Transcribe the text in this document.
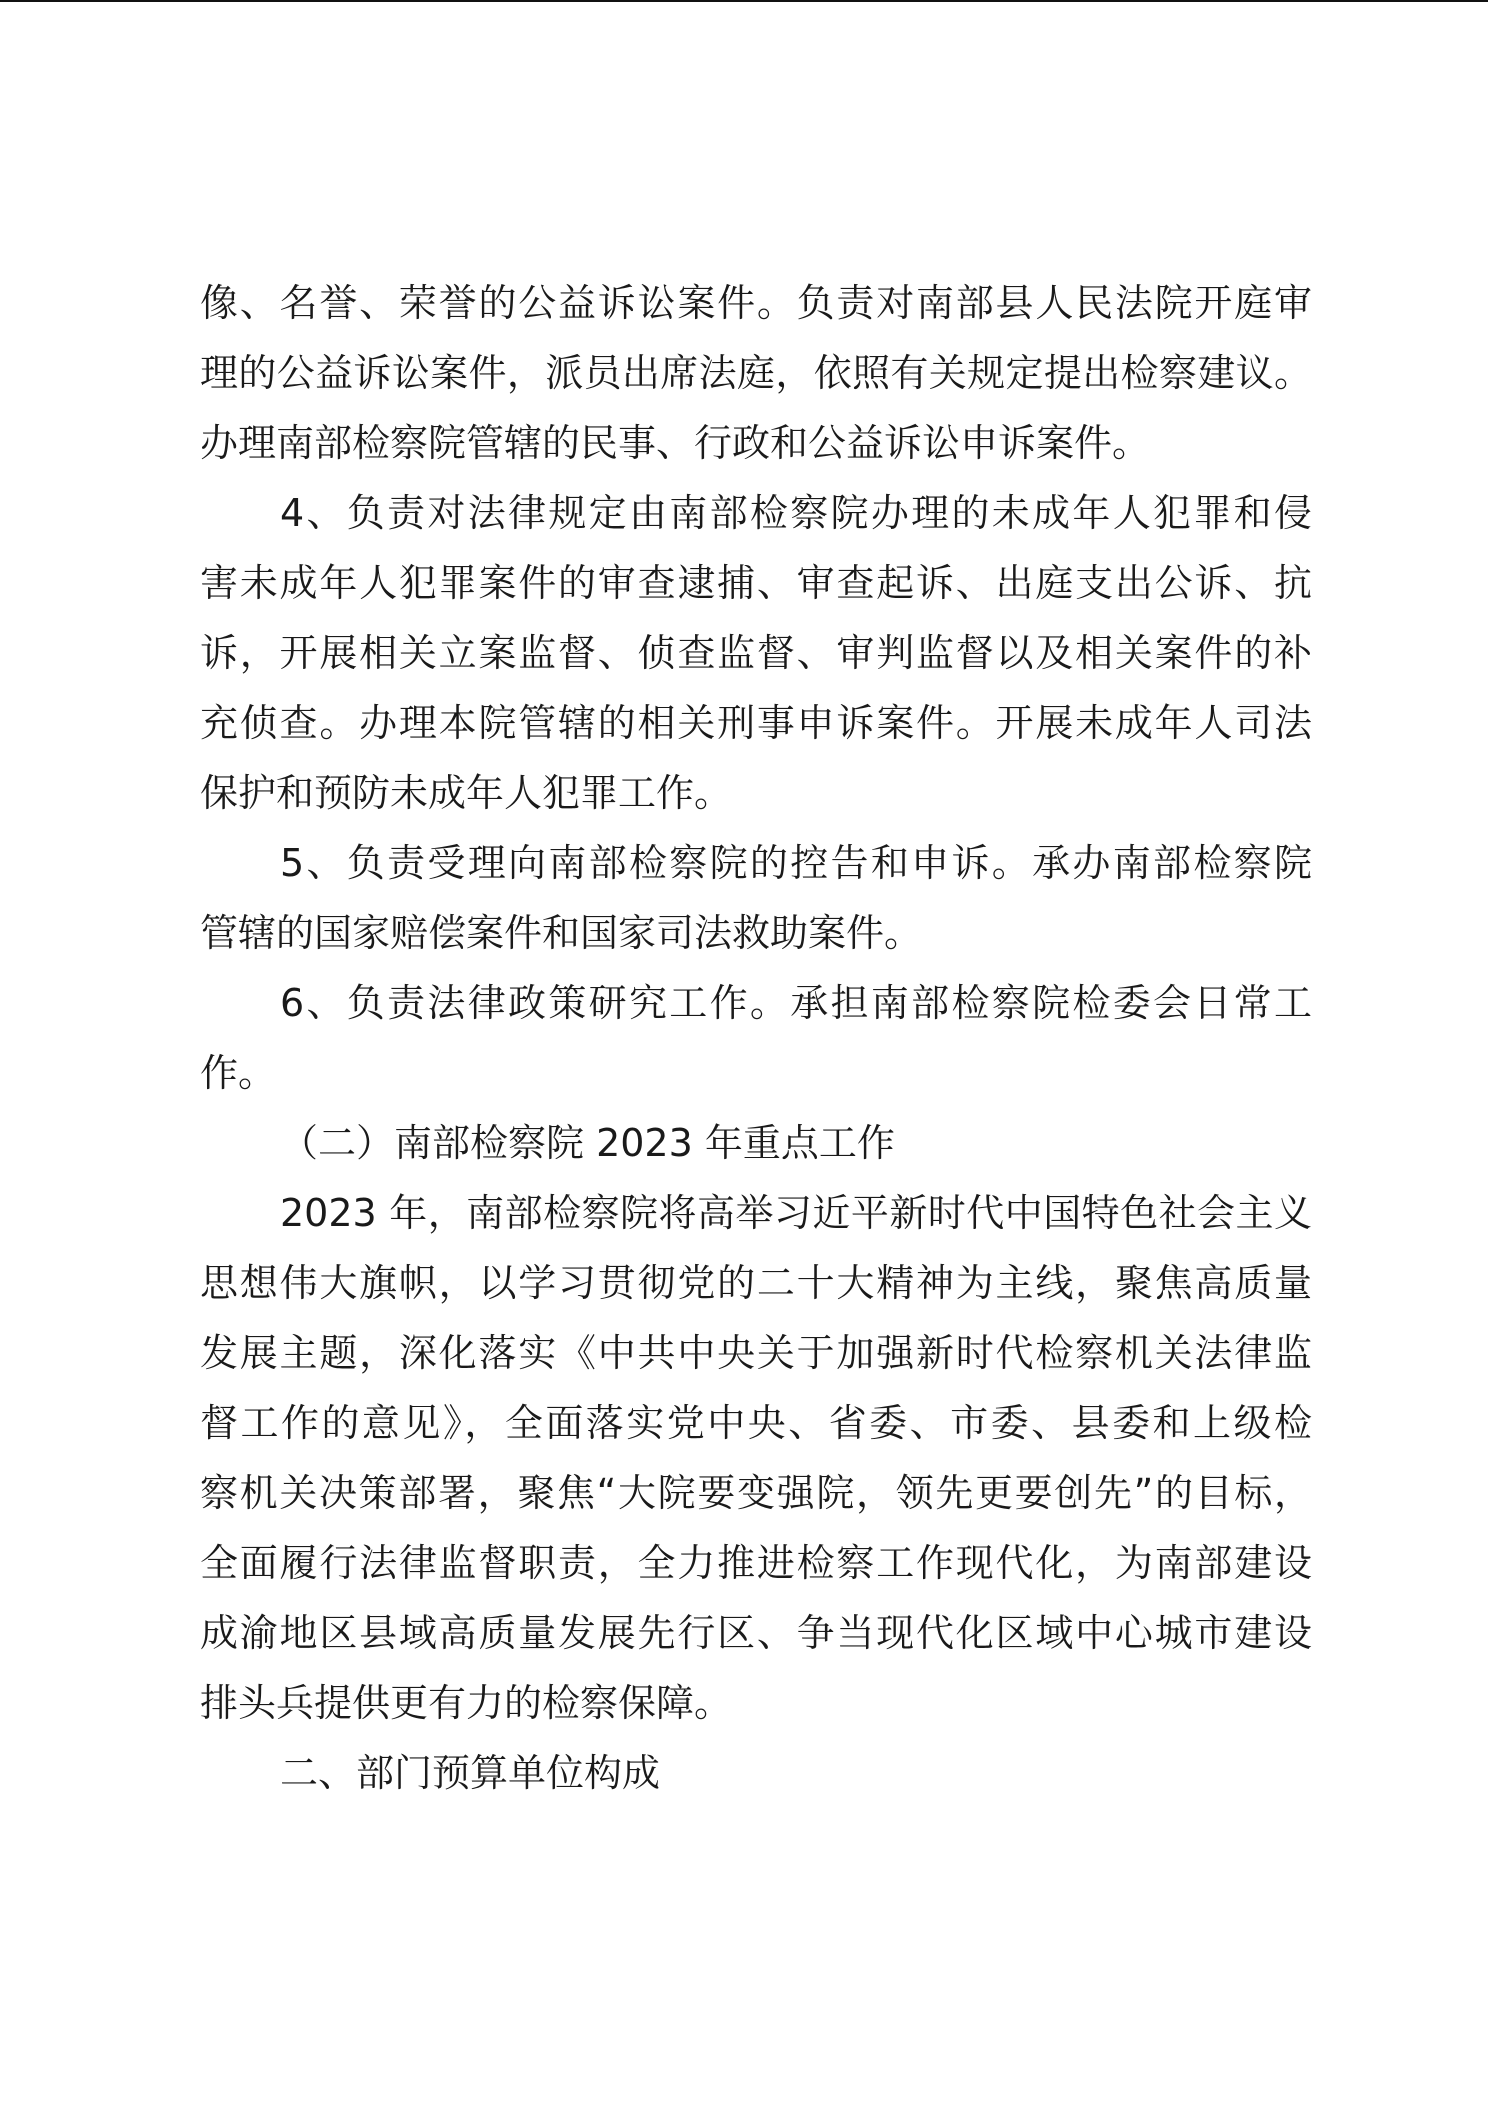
像、名誉、荣誉的公益诉讼案件。负责对南部县人民法院开庭审
理的公益诉讼案件，派员出席法庭，依照有关规定提出检察建议。
办理南部检察院管辖的民事、行政和公益诉讼申诉案件。
4、负责对法律规定由南部检察院办理的未成年人犯罪和侵
害未成年人犯罪案件的审查逮捕、审查起诉、出庭支出公诉、抗
诉，开展相关立案监督、侦查监督、审判监督以及相关案件的补
充侦查。办理本院管辖的相关刑事申诉案件。开展未成年人司法
保护和预防未成年人犯罪工作。
5、负责受理向南部检察院的控告和申诉。承办南部检察院
管辖的国家赔偿案件和国家司法救助案件。
6、负责法律政策研究工作。承担南部检察院检委会日常工
作。
（二）南部检察院 2023 年重点工作
2023 年，南部检察院将高举习近平新时代中国特色社会主义
思想伟大旗帜，以学习贯彻党的二十大精神为主线，聚焦高质量
发展主题，深化落实《中共中央关于加强新时代检察机关法律监
督工作的意见》，全面落实党中央、省委、市委、县委和上级检
察机关决策部署，聚焦“大院要变强院，领先更要创先”的目标，
全面履行法律监督职责，全力推进检察工作现代化，为南部建设
成渝地区县域高质量发展先行区、争当现代化区域中心城市建设
排头兵提供更有力的检察保障。
二、部门预算单位构成
